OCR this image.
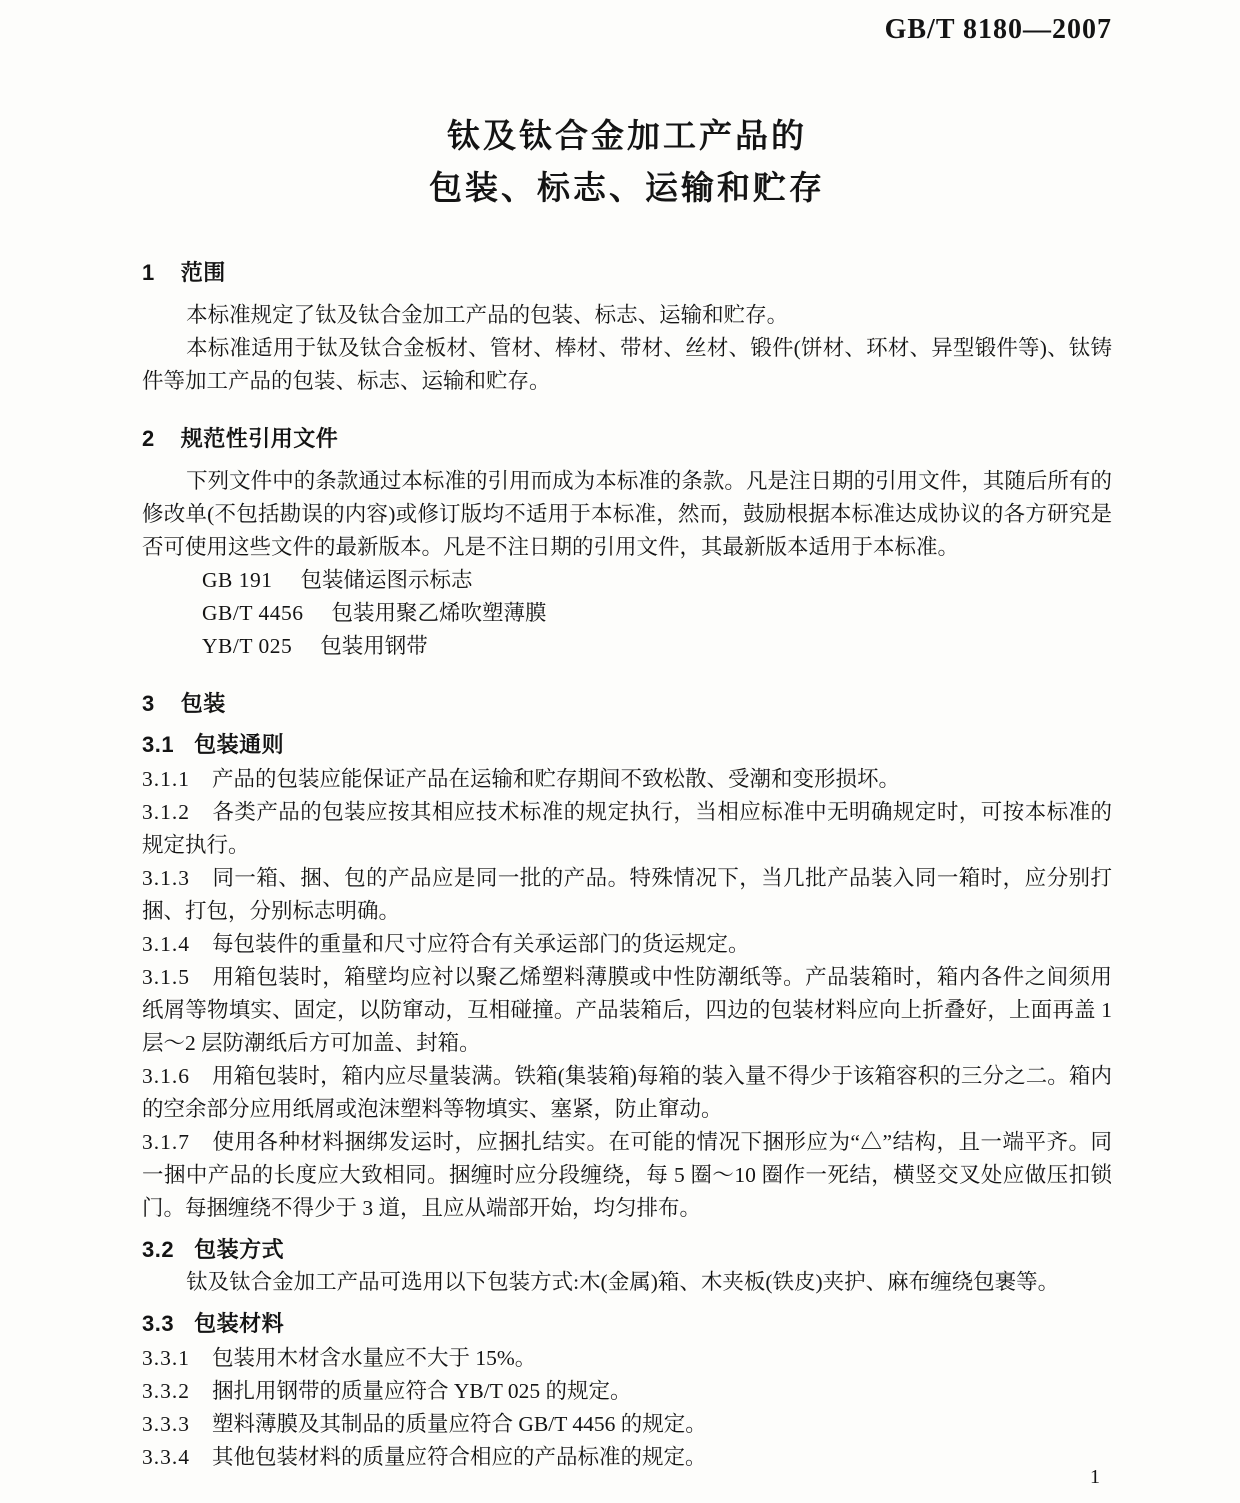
GB/T 8180—2007
钛及钛合金加工产品的
包装、标志、运输和贮存
1 范围

本标准规定了钛及钛合金加工产品的包装、标志、运输和贮存。

本标准适用于钛及钛合金板材、管材、棒材、带材、丝材、锻件(饼材、环材、异型锻件等)、钛铸件等加工产品的包装、标志、运输和贮存。

2 规范性引用文件

下列文件中的条款通过本标准的引用而成为本标准的条款。凡是注日期的引用文件，其随后所有的修改单(不包括勘误的内容)或修订版均不适用于本标准，然而，鼓励根据本标准达成协议的各方研究是否可使用这些文件的最新版本。凡是不注日期的引用文件，其最新版本适用于本标准。

GB 191 包装储运图示标志

GB/T 4456 包装用聚乙烯吹塑薄膜

YB/T 025 包装用钢带

3 包装
3.1 包装通则

3.1.1 产品的包装应能保证产品在运输和贮存期间不致松散、受潮和变形损坏。

3.1.2 各类产品的包装应按其相应技术标准的规定执行，当相应标准中无明确规定时，可按本标准的规定执行。

3.1.3 同一箱、捆、包的产品应是同一批的产品。特殊情况下，当几批产品装入同一箱时，应分别打捆、打包，分别标志明确。

3.1.4 每包装件的重量和尺寸应符合有关承运部门的货运规定。

3.1.5 用箱包装时，箱壁均应衬以聚乙烯塑料薄膜或中性防潮纸等。产品装箱时，箱内各件之间须用纸屑等物填实、固定，以防窜动，互相碰撞。产品装箱后，四边的包装材料应向上折叠好，上面再盖 1 层～2 层防潮纸后方可加盖、封箱。

3.1.6 用箱包装时，箱内应尽量装满。铁箱(集装箱)每箱的装入量不得少于该箱容积的三分之二。箱内的空余部分应用纸屑或泡沫塑料等物填实、塞紧，防止窜动。

3.1.7 使用各种材料捆绑发运时，应捆扎结实。在可能的情况下捆形应为“△”结构，且一端平齐。同一捆中产品的长度应大致相同。捆缠时应分段缠绕，每 5 圈～10 圈作一死结，横竖交叉处应做压扣锁门。每捆缠绕不得少于 3 道，且应从端部开始，均匀排布。

3.2 包装方式

钛及钛合金加工产品可选用以下包装方式:木(金属)箱、木夹板(铁皮)夹护、麻布缠绕包裹等。

3.3 包装材料

3.3.1 包装用木材含水量应不大于 15%。

3.3.2 捆扎用钢带的质量应符合 YB/T 025 的规定。

3.3.3 塑料薄膜及其制品的质量应符合 GB/T 4456 的规定。

3.3.4 其他包装材料的质量应符合相应的产品标准的规定。

1
